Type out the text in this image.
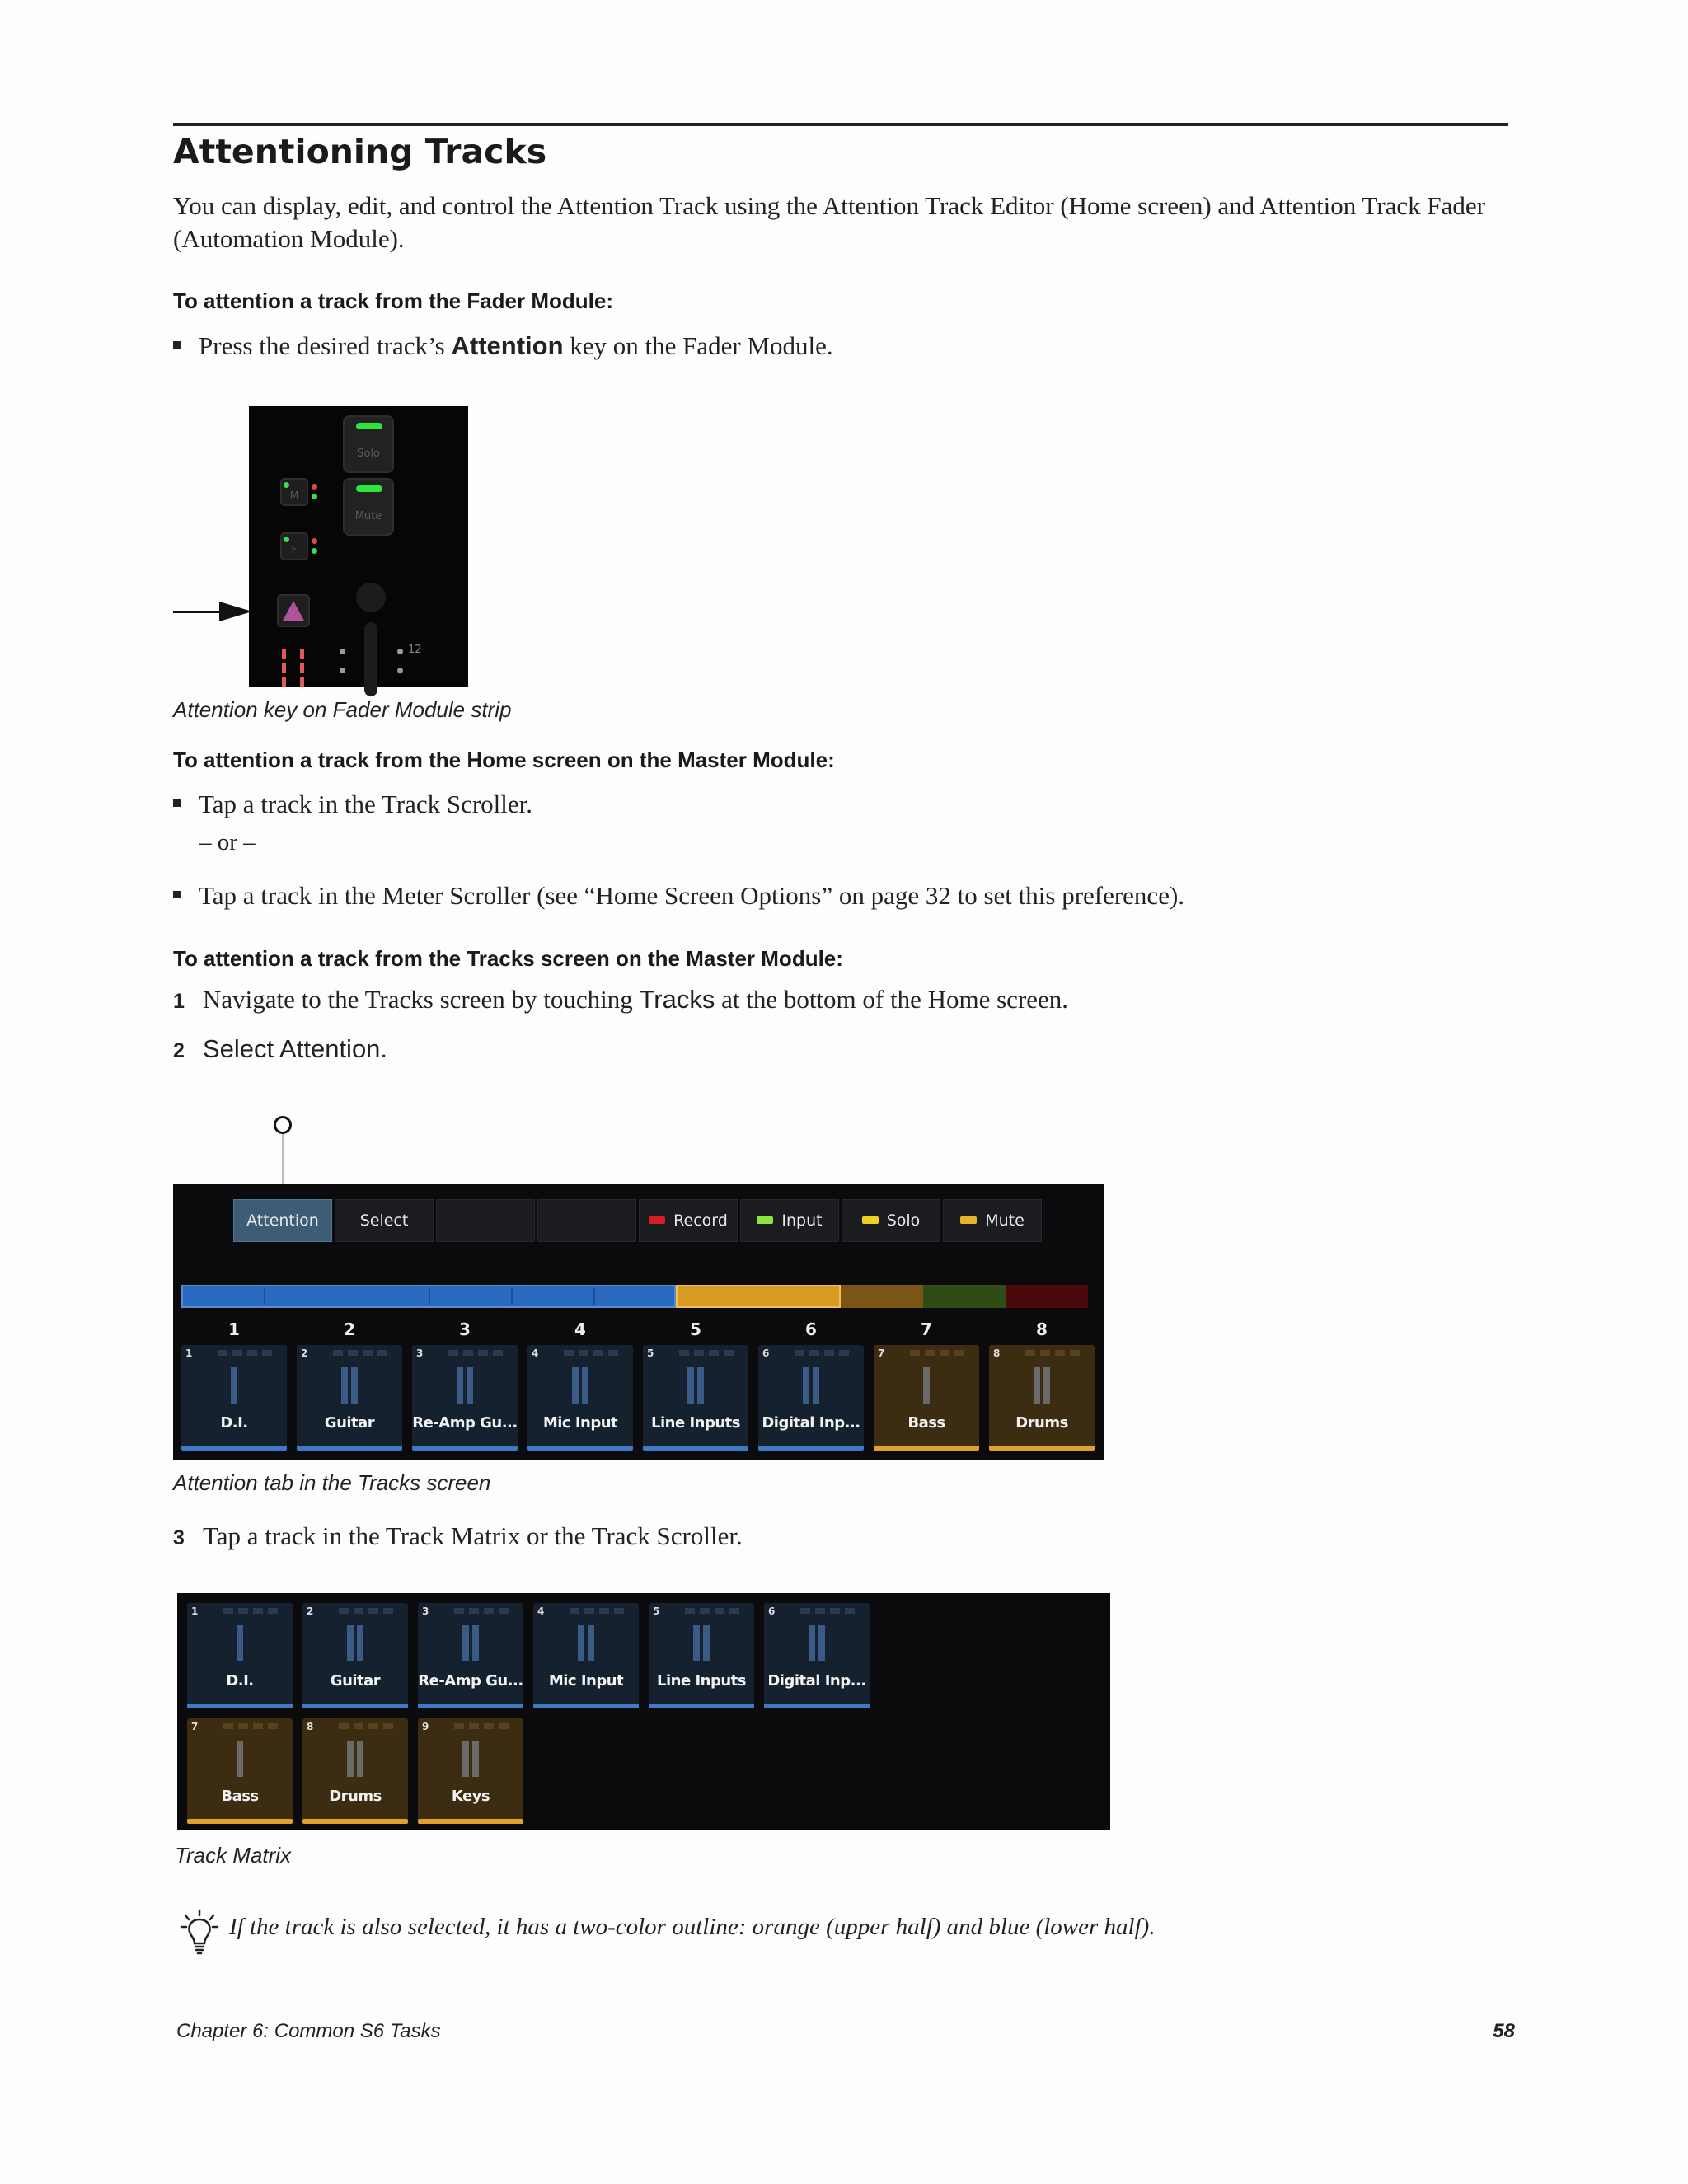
Attentioning Tracks

You can display, edit, and control the Attention Track using the Attention Track Editor (Home screen) and Attention Track Fader (Automation Module).

To attention a track from the Fader Module:

Press the desired track’s Attention key on the Fader Module.

Solo
Mute
M
F
12

Attention key on Fader Module strip

To attention a track from the Home screen on the Master Module:

Tap a track in the Track Scroller.

– or –

Tap a track in the Meter Scroller (see “Home Screen Options” on page 32 to set this preference).

To attention a track from the Tracks screen on the Master Module:

1 Navigate to the Tracks screen by touching Tracks at the bottom of the Home screen.

2 Select Attention.

Attention	Select	Record	Input	Solo	Mute
1	2	3	4	5	6	7	8
1
D.I.
2
Guitar
3
Re-Amp Gu...
4
Mic Input
5
Line Inputs
6
Digital Inp...
7
Bass
8
Drums

Attention tab in the Tracks screen

3 Tap a track in the Track Matrix or the Track Scroller.

1
D.I.
2
Guitar
3
Re-Amp Gu...
4
Mic Input
5
Line Inputs
6
Digital Inp...
7
Bass
8
Drums
9
Keys

Track Matrix

If the track is also selected, it has a two-color outline: orange (upper half) and blue (lower half).

Chapter 6: Common S6 Tasks	58
